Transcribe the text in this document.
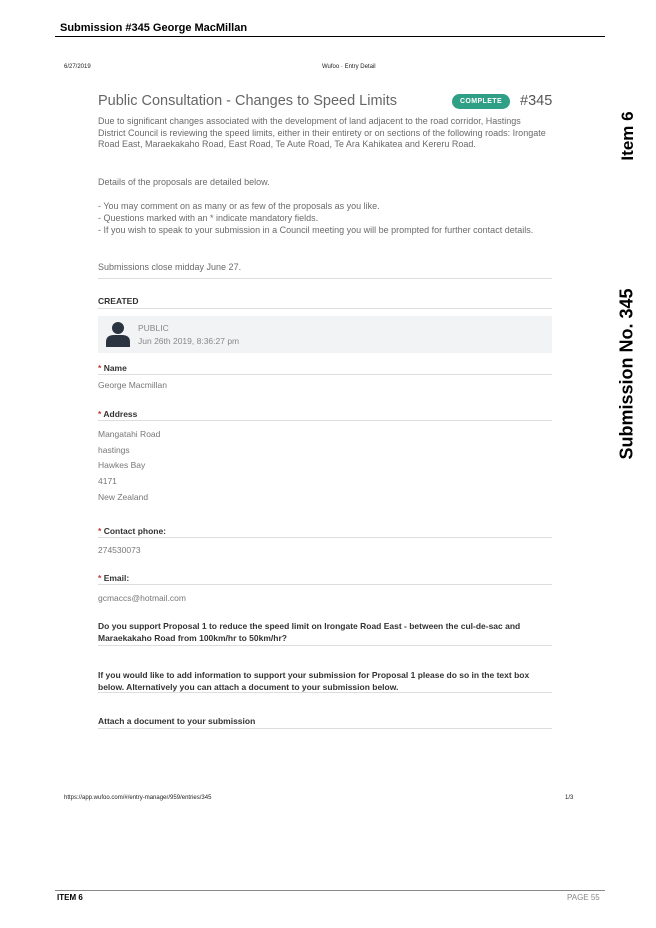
Submission #345 George MacMillan
6/27/2019	Wufoo · Entry Detail
Public Consultation - Changes to Speed Limits	COMPLETE	#345
Due to significant changes associated with the development of land adjacent to the road corridor, Hastings District Council is reviewing the speed limits, either in their entirety or on sections of the following roads: Irongate Road East, Maraekakaho Road, East Road, Te Aute Road, Te Ara Kahikatea and Kereru Road.
Details of the proposals are detailed below.
- You may comment on as many or as few of the proposals as you like.
- Questions marked with an * indicate mandatory fields.
- If you wish to speak to your submission in a Council meeting you will be prompted for further contact details.
Submissions close midday June 27.
CREATED
PUBLIC
Jun 26th 2019, 8:36:27 pm
* Name
George Macmillan
* Address
Mangatahi Road
hastings
Hawkes Bay
4171
New Zealand
* Contact phone:
274530073
* Email:
gcmaccs@hotmail.com
Do you support Proposal 1 to reduce the speed limit on Irongate Road East - between the cul-de-sac and Maraekakaho Road from 100km/hr to 50km/hr?
If you would like to add information to support your submission for Proposal 1 please do so in the text box below. Alternatively you can attach a document to your submission below.
Attach a document to your submission
https://app.wufoo.com/#/entry-manager/959/entries/345	1/3
Item 6
Submission No. 345
ITEM 6	PAGE 55
